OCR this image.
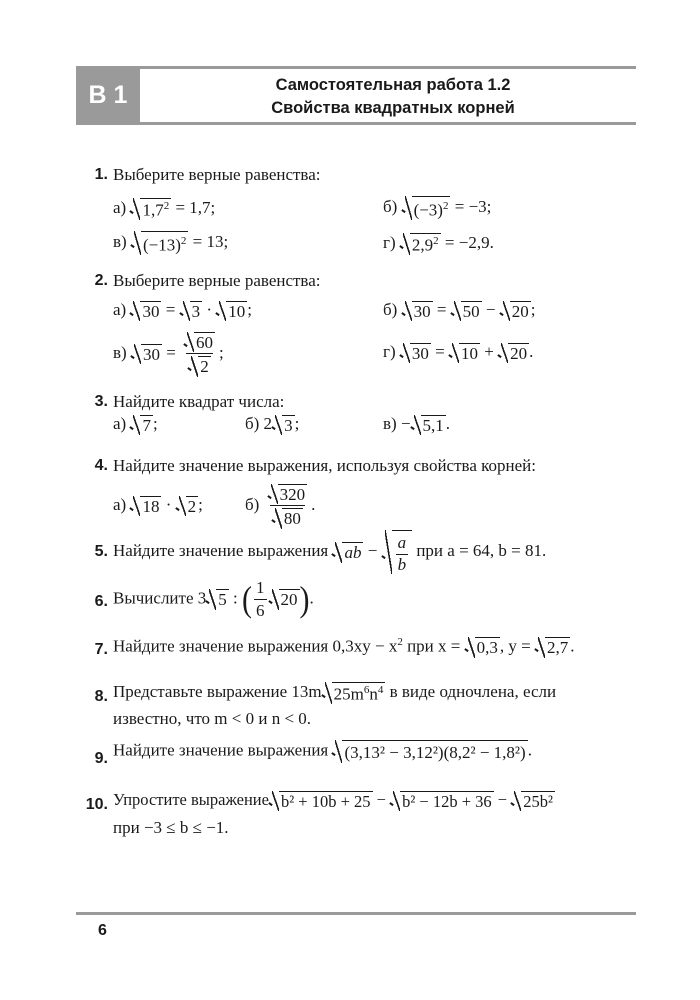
B 1	Самостоятельная работа 1.2
Свойства квадратных корней
1. Выберите верные равенства:
а) $1,7^2 = 1,7$;	б) $(-3)^2 = -3$;
в) $(-13)^2 = 13$;	г) $2,9^2 = -2,9$.
2. Выберите верные равенства:
а) 30 = 3 · 10 ;	б) 30 = 50 − 20 ;
в) $30 = \frac{60}{2}$ ;	г) 30 = 10 + 20 .
3. Найдите квадрат числа:
а) 7 ;	б) 2 3 ;	в) − 5,1 .
4. Найдите значение выражения, используя свойства корней:
а) 18 · 2 ; $б) \frac{320}{80}$ .
5. Найдите значение выражения ab − $\frac{a}{b}$ при a = 64, b = 81.
6. Вычислите 3 5 : ( $\frac{1}{6} 20$ ).
7. Найдите значение выражения $0,3xy - x^2$ при x = 0,3 , y = 2,7 .
8. Представьте выражение 13m $25m^6n^4$ в виде одночлена, если
известно, что m < 0 и n < 0.
9. Найдите значение выражения (3,13² − 3,12²)(8,2² − 1,8²) .
10. Упростите выражение b² + 10b + 25 − b² − 12b + 36 − 25b²
при −3 ≤ b ≤ −1.
6
